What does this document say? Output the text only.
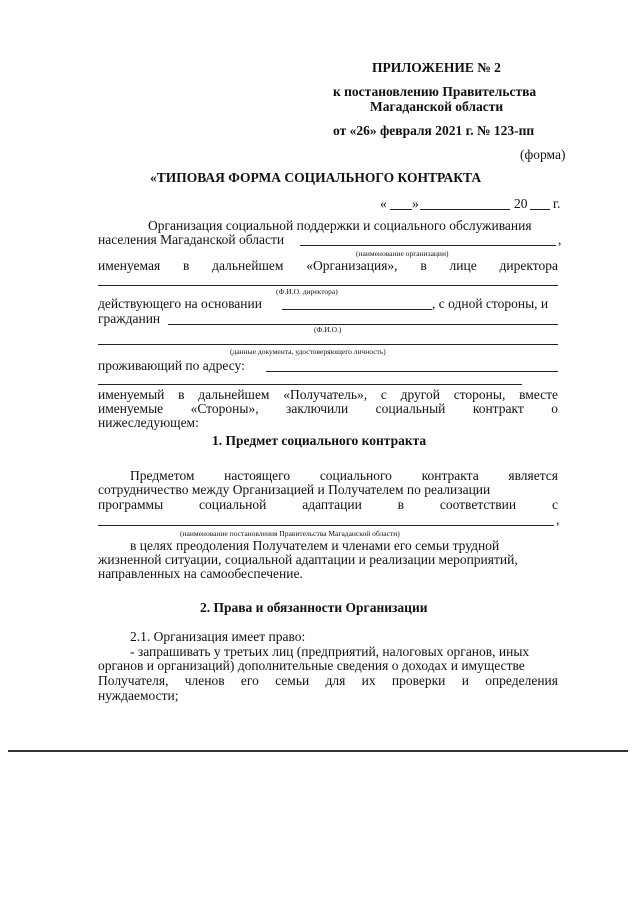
ПРИЛОЖЕНИЕ № 2
к постановлению Правительства
Магаданской области
от «26» февраля 2021 г. № 123-пп
(форма)
«ТИПОВАЯ ФОРМА СОЦИАЛЬНОГО КОНТРАКТА
« »	20 г.
Организация социальной поддержки и социального обслуживания
населения Магаданской области	,
(наименование организации)
именуемая в дальнейшем «Организация», в лице директора
(Ф.И.О. директора)
действующего на основании	, с одной стороны, и
гражданин
(Ф.И.О.)
(данные документа, удостоверяющего личность)
проживающий по адресу:
именуемый в дальнейшем «Получатель», с другой стороны, вместе
именуемые «Стороны», заключили социальный контракт о
нижеследующем:
1. Предмет социального контракта
Предметом настоящего социального контракта является
сотрудничество между Организацией и Получателем по реализации
программы	социальной	адаптации	в	соответствии	с
,
(наименование постановления Правительства Магаданской области)
в целях преодоления Получателем и членами его семьи трудной
жизненной ситуации, социальной адаптации и реализации мероприятий,
направленных на самообеспечение.
2. Права и обязанности Организации
2.1. Организация имеет право:
- запрашивать у третьих лиц (предприятий, налоговых органов, иных
органов и организаций) дополнительные сведения о доходах и имуществе
Получателя, членов его семьи для их проверки и определения
нуждаемости;
